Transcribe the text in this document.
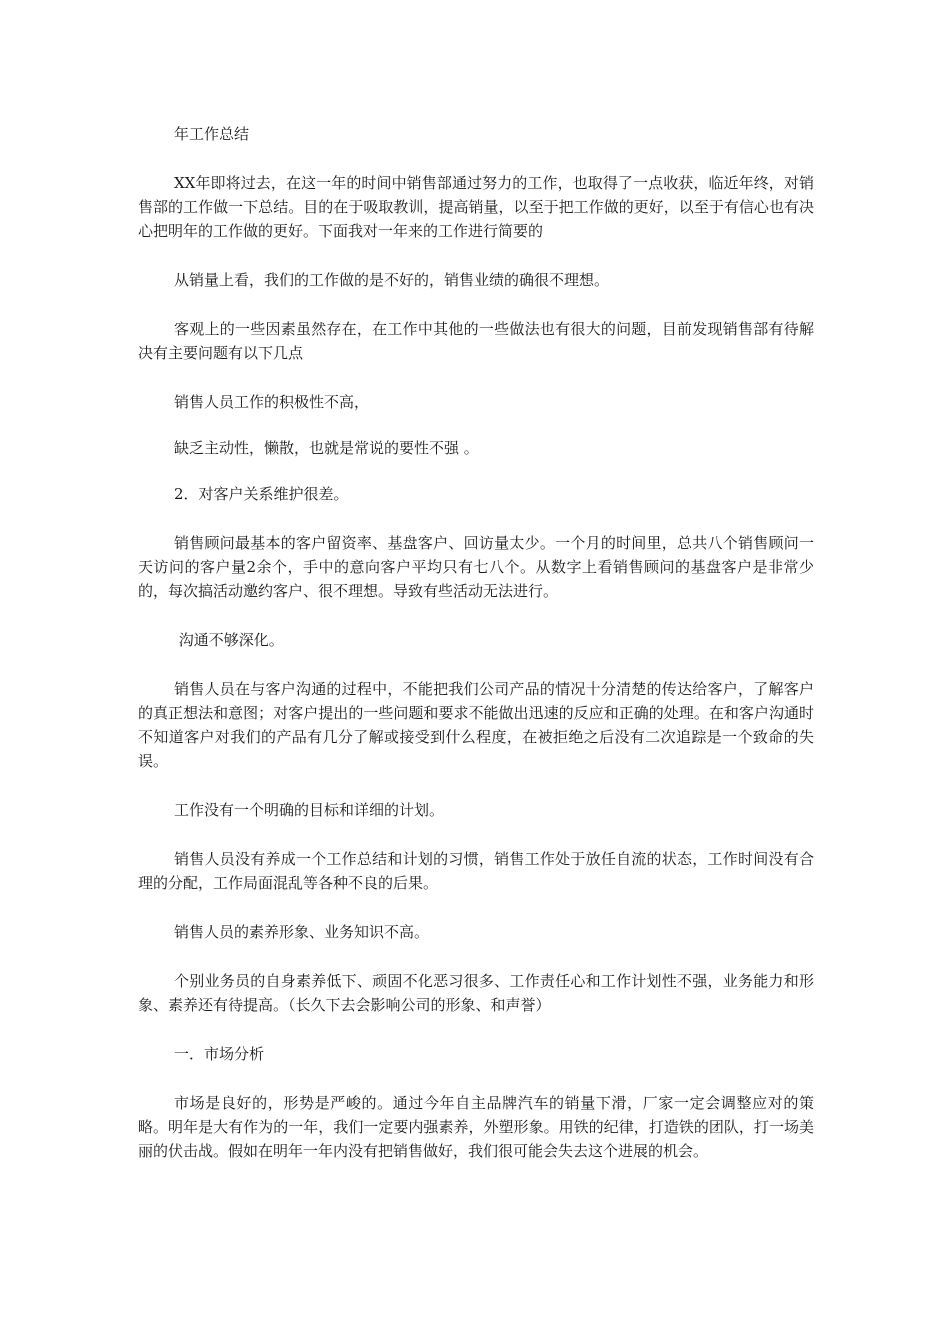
年工作总结

XX年即将过去，在这一年的时间中销售部通过努力的工作，也取得了一点收获，临近年终，对销售部的工作做一下总结。目的在于吸取教训，提高销量，以至于把工作做的更好，以至于有信心也有决心把明年的工作做的更好。下面我对一年来的工作进行简要的

从销量上看，我们的工作做的是不好的，销售业绩的确很不理想。

客观上的一些因素虽然存在，在工作中其他的一些做法也有很大的问题，目前发现销售部有待解决有主要问题有以下几点

销售人员工作的积极性不高，

缺乏主动性，懒散，也就是常说的要性不强 。

2．对客户关系维护很差。

销售顾问最基本的客户留资率、基盘客户、回访量太少。一个月的时间里，总共八个销售顾问一天访问的客户量2余个，手中的意向客户平均只有七八个。从数字上看销售顾问的基盘客户是非常少的，每次搞活动邀约客户、很不理想。导致有些活动无法进行。

沟通不够深化。

销售人员在与客户沟通的过程中，不能把我们公司产品的情况十分清楚的传达给客户，了解客户的真正想法和意图；对客户提出的一些问题和要求不能做出迅速的反应和正确的处理。在和客户沟通时不知道客户对我们的产品有几分了解或接受到什么程度，在被拒绝之后没有二次追踪是一个致命的失误。

工作没有一个明确的目标和详细的计划。

销售人员没有养成一个工作总结和计划的习惯，销售工作处于放任自流的状态，工作时间没有合理的分配，工作局面混乱等各种不良的后果。

销售人员的素养形象、业务知识不高。

个别业务员的自身素养低下、顽固不化恶习很多、工作责任心和工作计划性不强，业务能力和形象、素养还有待提高。（长久下去会影响公司的形象、和声誉）

一．市场分析

市场是良好的，形势是严峻的。通过今年自主品牌汽车的销量下滑，厂家一定会调整应对的策略。明年是大有作为的一年，我们一定要内强素养，外塑形象。用铁的纪律，打造铁的团队，打一场美丽的伏击战。假如在明年一年内没有把销售做好，我们很可能会失去这个进展的机会。
